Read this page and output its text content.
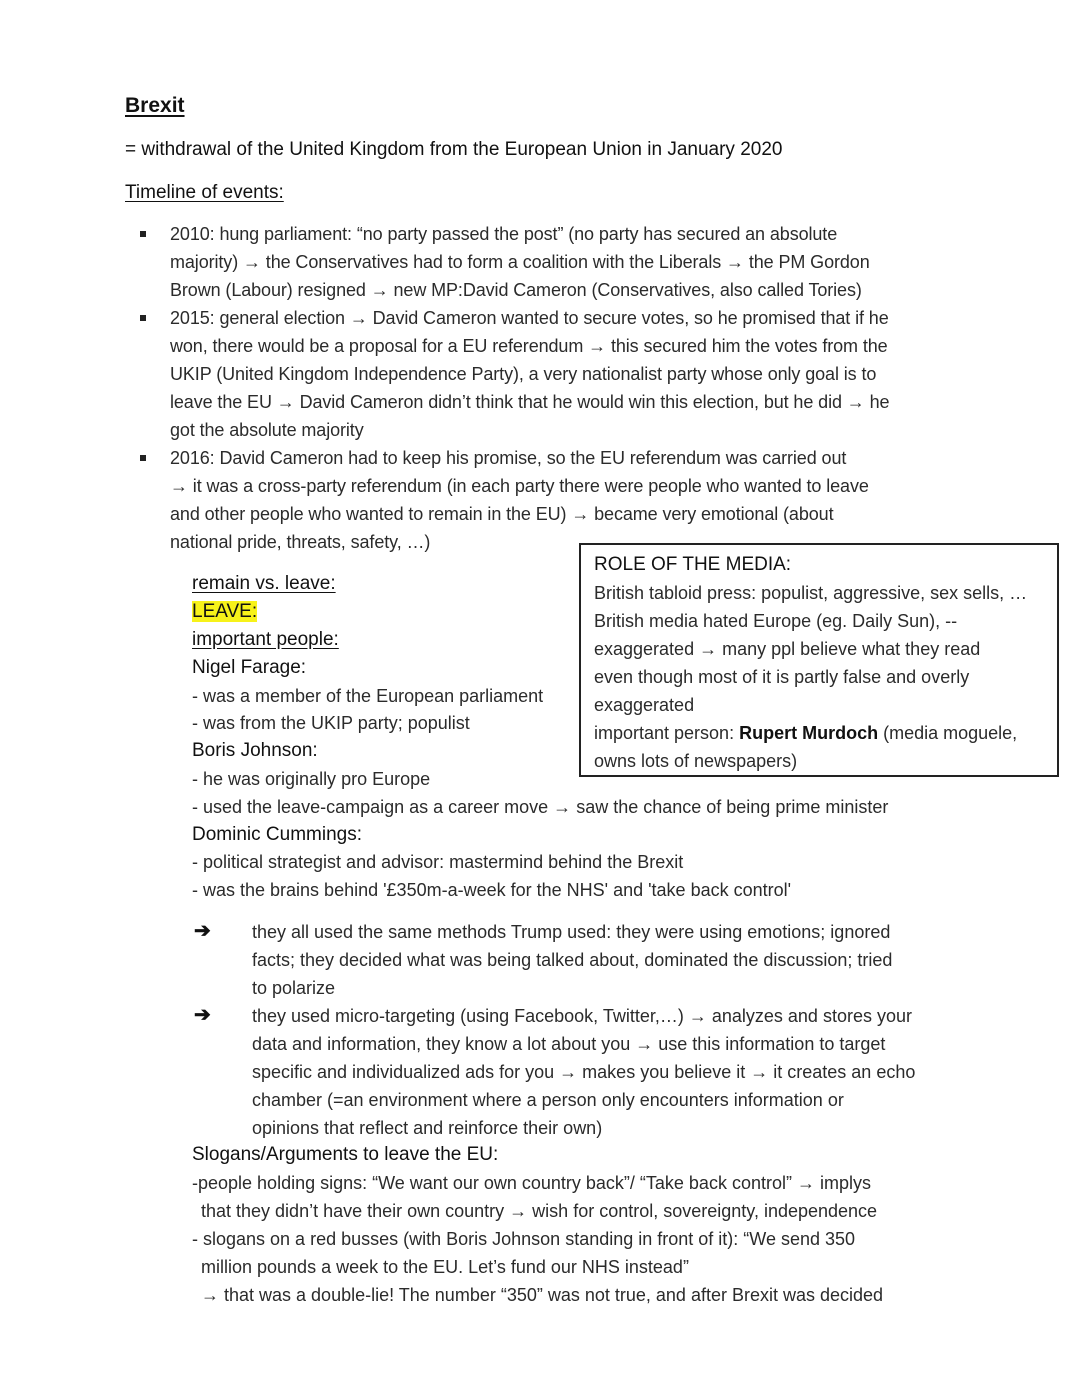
Brexit
= withdrawal of the United Kingdom from the European Union in January 2020
Timeline of events:
2010: hung parliament: “no party passed the post” (no party has secured an absolute
majority) → the Conservatives had to form a coalition with the Liberals → the PM Gordon
Brown (Labour) resigned → new MP:David Cameron (Conservatives, also called Tories)
2015: general election → David Cameron wanted to secure votes, so he promised that if he
won, there would be a proposal for a EU referendum → this secured him the votes from the
UKIP (United Kingdom Independence Party), a very nationalist party whose only goal is to
leave the EU → David Cameron didn’t think that he would win this election, but he did → he
got the absolute majority
2016: David Cameron had to keep his promise, so the EU referendum was carried out
→ it was a cross-party referendum (in each party there were people who wanted to leave
and other people who wanted to remain in the EU) → became very emotional (about
national pride, threats, safety, …)
ROLE OF THE MEDIA:
British tabloid press: populist, aggressive, sex sells, …
British media hated Europe (eg. Daily Sun), --
exaggerated → many ppl believe what they read
even though most of it is partly false and overly
exaggerated
important person: Rupert Murdoch (media moguele,
owns lots of newspapers)
remain vs. leave:
LEAVE:
important people:
Nigel Farage:
- was a member of the European parliament
- was from the UKIP party; populist
Boris Johnson:
- he was originally pro Europe
- used the leave-campaign as a career move → saw the chance of being prime minister
Dominic Cummings:
- political strategist and advisor: mastermind behind the Brexit
- was the brains behind '£350m-a-week for the NHS' and 'take back control'
➔ they all used the same methods Trump used: they were using emotions; ignored
facts; they decided what was being talked about, dominated the discussion; tried
to polarize
➔ they used micro-targeting (using Facebook, Twitter,…) → analyzes and stores your
data and information, they know a lot about you → use this information to target
specific and individualized ads for you → makes you believe it → it creates an echo
chamber (=an environment where a person only encounters information or
opinions that reflect and reinforce their own)
Slogans/Arguments to leave the EU:
-people holding signs: “We want our own country back”/ “Take back control” → implys
that they didn’t have their own country → wish for control, sovereignty, independence
- slogans on a red busses (with Boris Johnson standing in front of it): “We send 350
million pounds a week to the EU. Let’s fund our NHS instead”
→ that was a double-lie! The number “350” was not true, and after Brexit was decided
